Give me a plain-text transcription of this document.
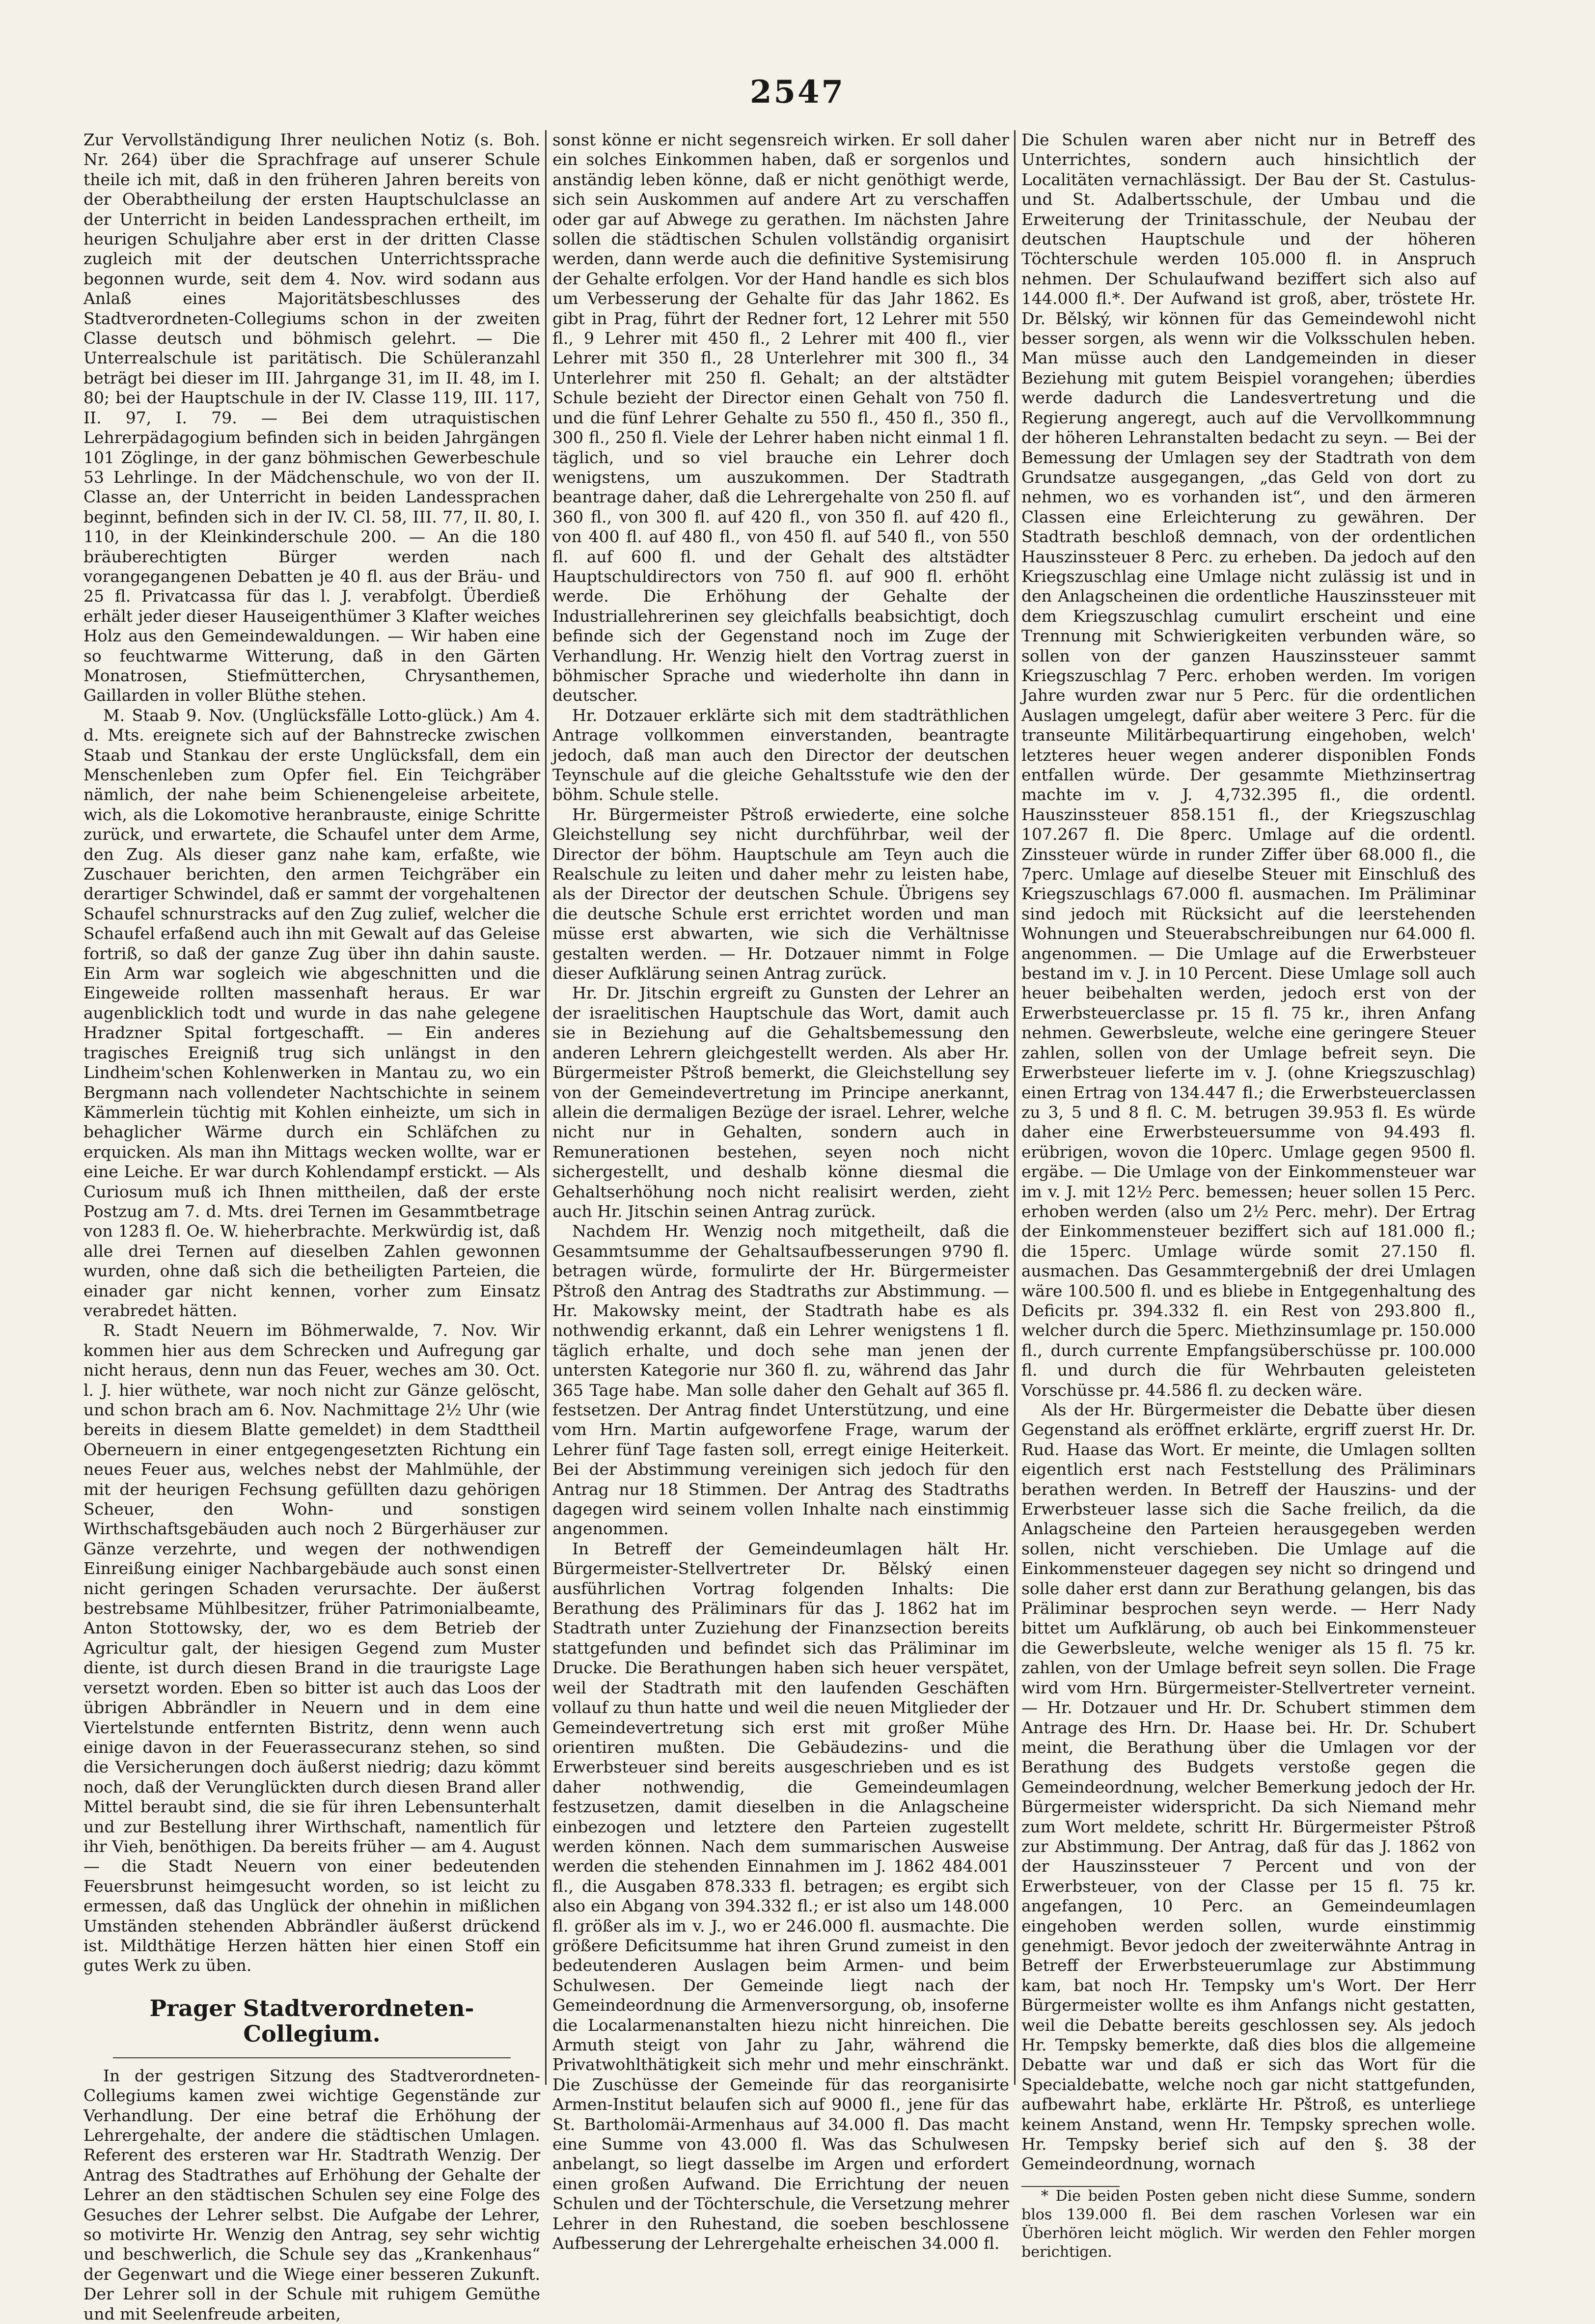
2547

Zur Vervollständigung Ihrer neulichen Notiz (s. Boh. Nr. 264) über die Sprachfrage auf unserer Schule theile ich mit, daß in den früheren Jahren bereits von der Oberabtheilung der ersten Hauptschulclasse an der Unterricht in beiden Landessprachen ertheilt, im heurigen Schuljahre aber erst in der dritten Classe zugleich mit der deutschen Unterrichtssprache begonnen wurde, seit dem 4. Nov. wird sodann aus Anlaß eines Majoritätsbeschlusses des Stadtverordneten-Collegiums schon in der zweiten Classe deutsch und böhmisch gelehrt. — Die Unterrealschule ist paritätisch. Die Schüleranzahl beträgt bei dieser im III. Jahrgange 31, im II. 48, im I. 80; bei der Hauptschule in der IV. Classe 119, III. 117, II. 97, I. 79. — Bei dem utraquistischen Lehrerpädagogium befinden sich in beiden Jahrgängen 101 Zöglinge, in der ganz böhmischen Gewerbeschule 53 Lehrlinge. In der Mädchenschule, wo von der II. Classe an, der Unterricht in beiden Landessprachen beginnt, befinden sich in der IV. Cl. 58, III. 77, II. 80, I. 110, in der Kleinkinderschule 200. — An die 180 bräuberechtigten Bürger werden nach vorangegangenen Debatten je 40 fl. aus der Bräu- und 25 fl. Privatcassa für das l. J. verabfolgt. Überdieß erhält jeder dieser Hauseigenthümer 3 Klafter weiches Holz aus den Gemeindewaldungen. — Wir haben eine so feuchtwarme Witterung, daß in den Gärten Monatrosen, Stiefmütterchen, Chrysanthemen, Gaillarden in voller Blüthe stehen.

M. Staab 9. Nov. (Unglücksfälle Lotto-glück.) Am 4. d. Mts. ereignete sich auf der Bahnstrecke zwischen Staab und Stankau der erste Unglücksfall, dem ein Menschenleben zum Opfer fiel. Ein Teichgräber nämlich, der nahe beim Schienengeleise arbeitete, wich, als die Lokomotive heranbrauste, einige Schritte zurück, und erwartete, die Schaufel unter dem Arme, den Zug. Als dieser ganz nahe kam, erfaßte, wie Zuschauer berichten, den armen Teichgräber ein derartiger Schwindel, daß er sammt der vorgehaltenen Schaufel schnurstracks auf den Zug zulief, welcher die Schaufel erfaßend auch ihn mit Gewalt auf das Geleise fortriß, so daß der ganze Zug über ihn dahin sauste. Ein Arm war sogleich wie abgeschnitten und die Eingeweide rollten massenhaft heraus. Er war augenblicklich todt und wurde in das nahe gelegene Hradzner Spital fortgeschafft. — Ein anderes tragisches Ereigniß trug sich unlängst in den Lindheim'schen Kohlenwerken in Mantau zu, wo ein Bergmann nach vollendeter Nachtschichte in seinem Kämmerlein tüchtig mit Kohlen einheizte, um sich in behaglicher Wärme durch ein Schläfchen zu erquicken. Als man ihn Mittags wecken wollte, war er eine Leiche. Er war durch Kohlendampf erstickt. — Als Curiosum muß ich Ihnen mittheilen, daß der erste Postzug am 7. d. Mts. drei Ternen im Gesammtbetrage von 1283 fl. Oe. W. hieherbrachte. Merkwürdig ist, daß alle drei Ternen auf dieselben Zahlen gewonnen wurden, ohne daß sich die betheiligten Parteien, die einader gar nicht kennen, vorher zum Einsatz verabredet hätten.

R. Stadt Neuern im Böhmerwalde, 7. Nov. Wir kommen hier aus dem Schrecken und Aufregung gar nicht heraus, denn nun das Feuer, weches am 30. Oct. l. J. hier wüthete, war noch nicht zur Gänze gelöscht, und schon brach am 6. Nov. Nachmittage 2½ Uhr (wie bereits in diesem Blatte gemeldet) in dem Stadttheil Oberneuern in einer entgegengesetzten Richtung ein neues Feuer aus, welches nebst der Mahlmühle, der mit der heurigen Fechsung gefüllten dazu gehörigen Scheuer, den Wohn- und sonstigen Wirthschaftsgebäuden auch noch 2 Bürgerhäuser zur Gänze verzehrte, und wegen der nothwendigen Einreißung einiger Nachbargebäude auch sonst einen nicht geringen Schaden verursachte. Der äußerst bestrebsame Mühlbesitzer, früher Patrimonialbeamte, Anton Stottowsky, der, wo es dem Betrieb der Agricultur galt, der hiesigen Gegend zum Muster diente, ist durch diesen Brand in die traurigste Lage versetzt worden. Eben so bitter ist auch das Loos der übrigen Abbrändler in Neuern und in dem eine Viertelstunde entfernten Bistritz, denn wenn auch einige davon in der Feuerassecuranz stehen, so sind die Versicherungen doch äußerst niedrig; dazu kömmt noch, daß der Verunglückten durch diesen Brand aller Mittel beraubt sind, die sie für ihren Lebensunterhalt und zur Bestellung ihrer Wirthschaft, namentlich für ihr Vieh, benöthigen. Da bereits früher — am 4. August — die Stadt Neuern von einer bedeutenden Feuersbrunst heimgesucht worden, so ist leicht zu ermessen, daß das Unglück der ohnehin in mißlichen Umständen stehenden Abbrändler äußerst drückend ist. Mildthätige Herzen hätten hier einen Stoff ein gutes Werk zu üben.

Prager Stadtverordneten-Collegium.

In der gestrigen Sitzung des Stadtverordneten-Collegiums kamen zwei wichtige Gegenstände zur Verhandlung. Der eine betraf die Erhöhung der Lehrergehalte, der andere die städtischen Umlagen. Referent des ersteren war Hr. Stadtrath Wenzig. Der Antrag des Stadtrathes auf Erhöhung der Gehalte der Lehrer an den städtischen Schulen sey eine Folge des Gesuches der Lehrer selbst. Die Aufgabe der Lehrer, so motivirte Hr. Wenzig den Antrag, sey sehr wichtig und beschwerlich, die Schule sey das „Krankenhaus“ der Gegenwart und die Wiege einer besseren Zukunft. Der Lehrer soll in der Schule mit ruhigem Gemüthe und mit Seelenfreude arbeiten,

sonst könne er nicht segensreich wirken. Er soll daher ein solches Einkommen haben, daß er sorgenlos und anständig leben könne, daß er nicht genöthigt werde, sich sein Auskommen auf andere Art zu verschaffen oder gar auf Abwege zu gerathen. Im nächsten Jahre sollen die städtischen Schulen vollständig organisirt werden, dann werde auch die definitive Systemisirung der Gehalte erfolgen. Vor der Hand handle es sich blos um Verbesserung der Gehalte für das Jahr 1862. Es gibt in Prag, führt der Redner fort, 12 Lehrer mit 550 fl., 9 Lehrer mit 450 fl., 2 Lehrer mit 400 fl., vier Lehrer mit 350 fl., 28 Unterlehrer mit 300 fl., 34 Unterlehrer mit 250 fl. Gehalt; an der altstädter Schule bezieht der Director einen Gehalt von 750 fl. und die fünf Lehrer Gehalte zu 550 fl., 450 fl., 350 fl., 300 fl., 250 fl. Viele der Lehrer haben nicht einmal 1 fl. täglich, und so viel brauche ein Lehrer doch wenigstens, um auszukommen. Der Stadtrath beantrage daher, daß die Lehrergehalte von 250 fl. auf 360 fl., von 300 fl. auf 420 fl., von 350 fl. auf 420 fl., von 400 fl. auf 480 fl., von 450 fl. auf 540 fl., von 550 fl. auf 600 fl. und der Gehalt des altstädter Hauptschuldirectors von 750 fl. auf 900 fl. erhöht werde. Die Erhöhung der Gehalte der Industriallehrerinen sey gleichfalls beabsichtigt, doch befinde sich der Gegenstand noch im Zuge der Verhandlung. Hr. Wenzig hielt den Vortrag zuerst in böhmischer Sprache und wiederholte ihn dann in deutscher.

Hr. Dotzauer erklärte sich mit dem stadträthlichen Antrage vollkommen einverstanden, beantragte jedoch, daß man auch den Director der deutschen Teynschule auf die gleiche Gehaltsstufe wie den der böhm. Schule stelle.

Hr. Bürgermeister Pštroß erwiederte, eine solche Gleichstellung sey nicht durchführbar, weil der Director der böhm. Hauptschule am Teyn auch die Realschule zu leiten und daher mehr zu leisten habe, als der Director der deutschen Schule. Übrigens sey die deutsche Schule erst errichtet worden und man müsse erst abwarten, wie sich die Verhältnisse gestalten werden. — Hr. Dotzauer nimmt in Folge dieser Aufklärung seinen Antrag zurück.

Hr. Dr. Jitschin ergreift zu Gunsten der Lehrer an der israelitischen Hauptschule das Wort, damit auch sie in Beziehung auf die Gehaltsbemessung den anderen Lehrern gleichgestellt werden. Als aber Hr. Bürgermeister Pštroß bemerkt, die Gleichstellung sey von der Gemeindevertretung im Principe anerkannt, allein die dermaligen Bezüge der israel. Lehrer, welche nicht nur in Gehalten, sondern auch in Remunerationen bestehen, seyen noch nicht sichergestellt, und deshalb könne diesmal die Gehaltserhöhung noch nicht realisirt werden, zieht auch Hr. Jitschin seinen Antrag zurück.

Nachdem Hr. Wenzig noch mitgetheilt, daß die Gesammtsumme der Gehaltsaufbesserungen 9790 fl. betragen würde, formulirte der Hr. Bürgermeister Pštroß den Antrag des Stadtraths zur Abstimmung. — Hr. Makowsky meint, der Stadtrath habe es als nothwendig erkannt, daß ein Lehrer wenigstens 1 fl. täglich erhalte, und doch sehe man jenen der untersten Kategorie nur 360 fl. zu, während das Jahr 365 Tage habe. Man solle daher den Gehalt auf 365 fl. festsetzen. Der Antrag findet Unterstützung, und eine vom Hrn. Martin aufgeworfene Frage, warum der Lehrer fünf Tage fasten soll, erregt einige Heiterkeit. Bei der Abstimmung vereinigen sich jedoch für den Antrag nur 18 Stimmen. Der Antrag des Stadtraths dagegen wird seinem vollen Inhalte nach einstimmig angenommen.

In Betreff der Gemeindeumlagen hält Hr. Bürgermeister-Stellvertreter Dr. Bělský einen ausführlichen Vortrag folgenden Inhalts: Die Berathung des Präliminars für das J. 1862 hat im Stadtrath unter Zuziehung der Finanzsection bereits stattgefunden und befindet sich das Präliminar im Drucke. Die Berathungen haben sich heuer verspätet, weil der Stadtrath mit den laufenden Geschäften vollauf zu thun hatte und weil die neuen Mitglieder der Gemeindevertretung sich erst mit großer Mühe orientiren mußten. Die Gebäudezins- und die Erwerbsteuer sind bereits ausgeschrieben und es ist daher nothwendig, die Gemeindeumlagen festzusetzen, damit dieselben in die Anlagscheine einbezogen und letztere den Parteien zugestellt werden können. Nach dem summarischen Ausweise werden die stehenden Einnahmen im J. 1862 484.001 fl., die Ausgaben 878.333 fl. betragen; es ergibt sich also ein Abgang von 394.332 fl.; er ist also um 148.000 fl. größer als im v. J., wo er 246.000 fl. ausmachte. Die größere Deficitsumme hat ihren Grund zumeist in den bedeutenderen Auslagen beim Armen- und beim Schulwesen. Der Gemeinde liegt nach der Gemeindeordnung die Armenversorgung, ob, insoferne die Localarmenanstalten hiezu nicht hinreichen. Die Armuth steigt von Jahr zu Jahr, während die Privatwohlthätigkeit sich mehr und mehr einschränkt. Die Zuschüsse der Gemeinde für das reorganisirte Armen-Institut belaufen sich auf 9000 fl., jene für das St. Bartholomäi-Armenhaus auf 34.000 fl. Das macht eine Summe von 43.000 fl. Was das Schulwesen anbelangt, so liegt dasselbe im Argen und erfordert einen großen Aufwand. Die Errichtung der neuen Schulen und der Töchterschule, die Versetzung mehrer Lehrer in den Ruhestand, die soeben beschlossene Aufbesserung der Lehrergehalte erheischen 34.000 fl.

Die Schulen waren aber nicht nur in Betreff des Unterrichtes, sondern auch hinsichtlich der Localitäten vernachlässigt. Der Bau der St. Castulus- und St. Adalbertsschule, der Umbau und die Erweiterung der Trinitasschule, der Neubau der deutschen Hauptschule und der höheren Töchterschule werden 105.000 fl. in Anspruch nehmen. Der Schulaufwand beziffert sich also auf 144.000 fl.*. Der Aufwand ist groß, aber, tröstete Hr. Dr. Bělský, wir können für das Gemeindewohl nicht besser sorgen, als wenn wir die Volksschulen heben. Man müsse auch den Landgemeinden in dieser Beziehung mit gutem Beispiel vorangehen; überdies werde dadurch die Landesvertretung und die Regierung angeregt, auch auf die Vervollkommnung der höheren Lehranstalten bedacht zu seyn. — Bei der Bemessung der Umlagen sey der Stadtrath von dem Grundsatze ausgegangen, „das Geld von dort zu nehmen, wo es vorhanden ist“, und den ärmeren Classen eine Erleichterung zu gewähren. Der Stadtrath beschloß demnach, von der ordentlichen Hauszinssteuer 8 Perc. zu erheben. Da jedoch auf den Kriegszuschlag eine Umlage nicht zulässig ist und in den Anlagscheinen die ordentliche Hauszinssteuer mit dem Kriegszuschlag cumulirt erscheint und eine Trennung mit Schwierigkeiten verbunden wäre, so sollen von der ganzen Hauszinssteuer sammt Kriegszuschlag 7 Perc. erhoben werden. Im vorigen Jahre wurden zwar nur 5 Perc. für die ordentlichen Auslagen umgelegt, dafür aber weitere 3 Perc. für die transeunte Militärbequartirung eingehoben, welch' letzteres heuer wegen anderer disponiblen Fonds entfallen würde. Der gesammte Miethzinsertrag machte im v. J. 4,732.395 fl., die ordentl. Hauszinssteuer 858.151 fl., der Kriegszuschlag 107.267 fl. Die 8perc. Umlage auf die ordentl. Zinssteuer würde in runder Ziffer über 68.000 fl., die 7perc. Umlage auf dieselbe Steuer mit Einschluß des Kriegszuschlags 67.000 fl. ausmachen. Im Präliminar sind jedoch mit Rücksicht auf die leerstehenden Wohnungen und Steuerabschreibungen nur 64.000 fl. angenommen. — Die Umlage auf die Erwerbsteuer bestand im v. J. in 10 Percent. Diese Umlage soll auch heuer beibehalten werden, jedoch erst von der Erwerbsteuerclasse pr. 15 fl. 75 kr., ihren Anfang nehmen. Gewerbsleute, welche eine geringere Steuer zahlen, sollen von der Umlage befreit seyn. Die Erwerbsteuer lieferte im v. J. (ohne Kriegszuschlag) einen Ertrag von 134.447 fl.; die Erwerbsteuerclassen zu 3, 5 und 8 fl. C. M. betrugen 39.953 fl. Es würde daher eine Erwerbsteuersumme von 94.493 fl. erübrigen, wovon die 10perc. Umlage gegen 9500 fl. ergäbe. — Die Umlage von der Einkommensteuer war im v. J. mit 12½ Perc. bemessen; heuer sollen 15 Perc. erhoben werden (also um 2½ Perc. mehr). Der Ertrag der Einkommensteuer beziffert sich auf 181.000 fl.; die 15perc. Umlage würde somit 27.150 fl. ausmachen. Das Gesammtergebniß der drei Umlagen wäre 100.500 fl. und es bliebe in Entgegenhaltung des Deficits pr. 394.332 fl. ein Rest von 293.800 fl., welcher durch die 5perc. Miethzinsumlage pr. 150.000 fl., durch currente Empfangsüberschüsse pr. 100.000 fl. und durch die für Wehrbauten geleisteten Vorschüsse pr. 44.586 fl. zu decken wäre.

Als der Hr. Bürgermeister die Debatte über diesen Gegenstand als eröffnet erklärte, ergriff zuerst Hr. Dr. Rud. Haase das Wort. Er meinte, die Umlagen sollten eigentlich erst nach Feststellung des Präliminars berathen werden. In Betreff der Hauszins- und der Erwerbsteuer lasse sich die Sache freilich, da die Anlagscheine den Parteien herausgegeben werden sollen, nicht verschieben. Die Umlage auf die Einkommensteuer dagegen sey nicht so dringend und solle daher erst dann zur Berathung gelangen, bis das Präliminar besprochen seyn werde. — Herr Nady bittet um Aufklärung, ob auch bei Einkommensteuer die Gewerbsleute, welche weniger als 15 fl. 75 kr. zahlen, von der Umlage befreit seyn sollen. Die Frage wird vom Hrn. Bürgermeister-Stellvertreter verneint. — Hr. Dotzauer und Hr. Dr. Schubert stimmen dem Antrage des Hrn. Dr. Haase bei. Hr. Dr. Schubert meint, die Berathung über die Umlagen vor der Berathung des Budgets verstoße gegen die Gemeindeordnung, welcher Bemerkung jedoch der Hr. Bürgermeister widerspricht. Da sich Niemand mehr zum Wort meldete, schritt Hr. Bürgermeister Pštroß zur Abstimmung. Der Antrag, daß für das J. 1862 von der Hauszinssteuer 7 Percent und von der Erwerbsteuer, von der Classe per 15 fl. 75 kr. angefangen, 10 Perc. an Gemeindeumlagen eingehoben werden sollen, wurde einstimmig genehmigt. Bevor jedoch der zweiterwähnte Antrag in Betreff der Erwerbsteuerumlage zur Abstimmung kam, bat noch Hr. Tempsky um's Wort. Der Herr Bürgermeister wollte es ihm Anfangs nicht gestatten, weil die Debatte bereits geschlossen sey. Als jedoch Hr. Tempsky bemerkte, daß dies blos die allgemeine Debatte war und daß er sich das Wort für die Specialdebatte, welche noch gar nicht stattgefunden, aufbewahrt habe, erklärte Hr. Pštroß, es unterliege keinem Anstand, wenn Hr. Tempsky sprechen wolle. Hr. Tempsky berief sich auf den §. 38 der Gemeindeordnung, wornach

* Die beiden Posten geben nicht diese Summe, sondern blos 139.000 fl. Bei dem raschen Vorlesen war ein Überhören leicht möglich. Wir werden den Fehler morgen berichtigen.
